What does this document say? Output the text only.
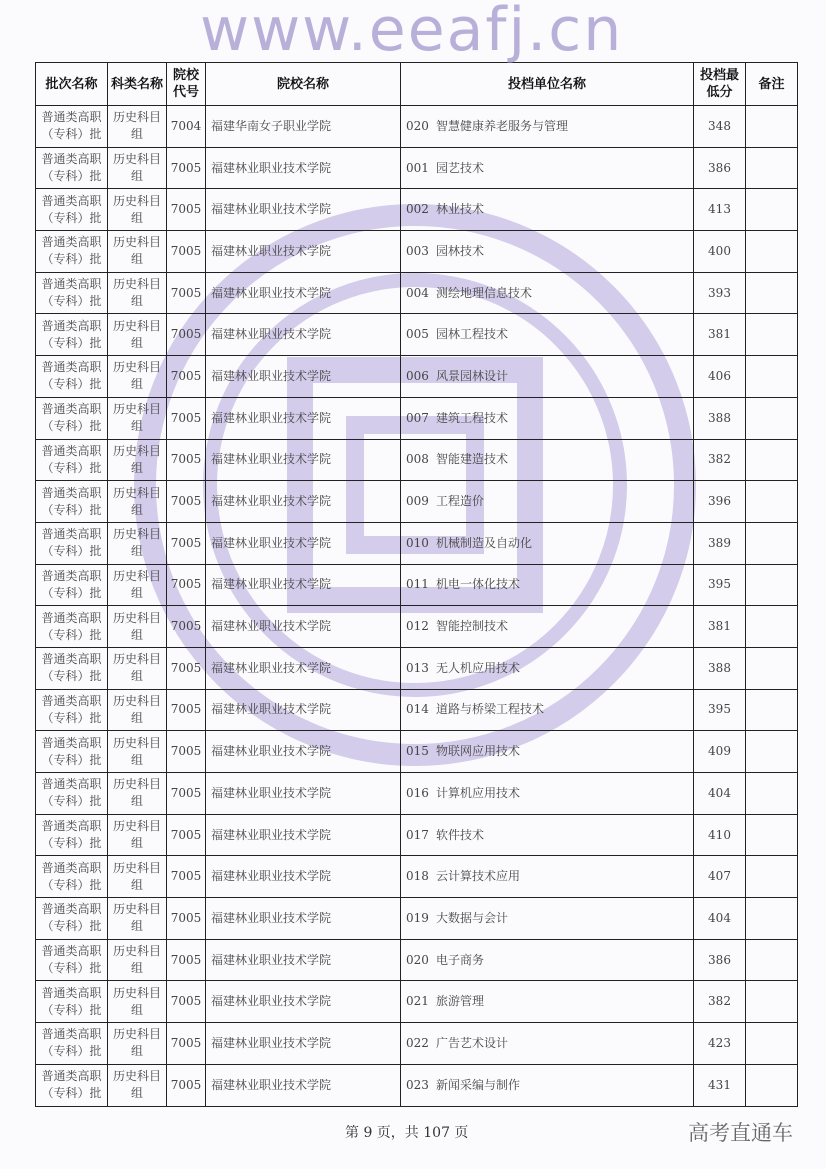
www.eeafj.cn
批次名称	科类名称	院校代号	院校名称	投档单位名称	投档最低分	备注
普通类高职（专科）批	历史科目组	7004	福建华南女子职业学院	020 智慧健康养老服务与管理	348	
普通类高职（专科）批	历史科目组	7005	福建林业职业技术学院	001 园艺技术	386	
普通类高职（专科）批	历史科目组	7005	福建林业职业技术学院	002 林业技术	413	
普通类高职（专科）批	历史科目组	7005	福建林业职业技术学院	003 园林技术	400	
普通类高职（专科）批	历史科目组	7005	福建林业职业技术学院	004 测绘地理信息技术	393	
普通类高职（专科）批	历史科目组	7005	福建林业职业技术学院	005 园林工程技术	381	
普通类高职（专科）批	历史科目组	7005	福建林业职业技术学院	006 风景园林设计	406	
普通类高职（专科）批	历史科目组	7005	福建林业职业技术学院	007 建筑工程技术	388	
普通类高职（专科）批	历史科目组	7005	福建林业职业技术学院	008 智能建造技术	382	
普通类高职（专科）批	历史科目组	7005	福建林业职业技术学院	009 工程造价	396	
普通类高职（专科）批	历史科目组	7005	福建林业职业技术学院	010 机械制造及自动化	389	
普通类高职（专科）批	历史科目组	7005	福建林业职业技术学院	011 机电一体化技术	395	
普通类高职（专科）批	历史科目组	7005	福建林业职业技术学院	012 智能控制技术	381	
普通类高职（专科）批	历史科目组	7005	福建林业职业技术学院	013 无人机应用技术	388	
普通类高职（专科）批	历史科目组	7005	福建林业职业技术学院	014 道路与桥梁工程技术	395	
普通类高职（专科）批	历史科目组	7005	福建林业职业技术学院	015 物联网应用技术	409	
普通类高职（专科）批	历史科目组	7005	福建林业职业技术学院	016 计算机应用技术	404	
普通类高职（专科）批	历史科目组	7005	福建林业职业技术学院	017 软件技术	410	
普通类高职（专科）批	历史科目组	7005	福建林业职业技术学院	018 云计算技术应用	407	
普通类高职（专科）批	历史科目组	7005	福建林业职业技术学院	019 大数据与会计	404	
普通类高职（专科）批	历史科目组	7005	福建林业职业技术学院	020 电子商务	386	
普通类高职（专科）批	历史科目组	7005	福建林业职业技术学院	021 旅游管理	382	
普通类高职（专科）批	历史科目组	7005	福建林业职业技术学院	022 广告艺术设计	423	
普通类高职（专科）批	历史科目组	7005	福建林业职业技术学院	023 新闻采编与制作	431	
第 9 页，共 107 页	高考直通车
